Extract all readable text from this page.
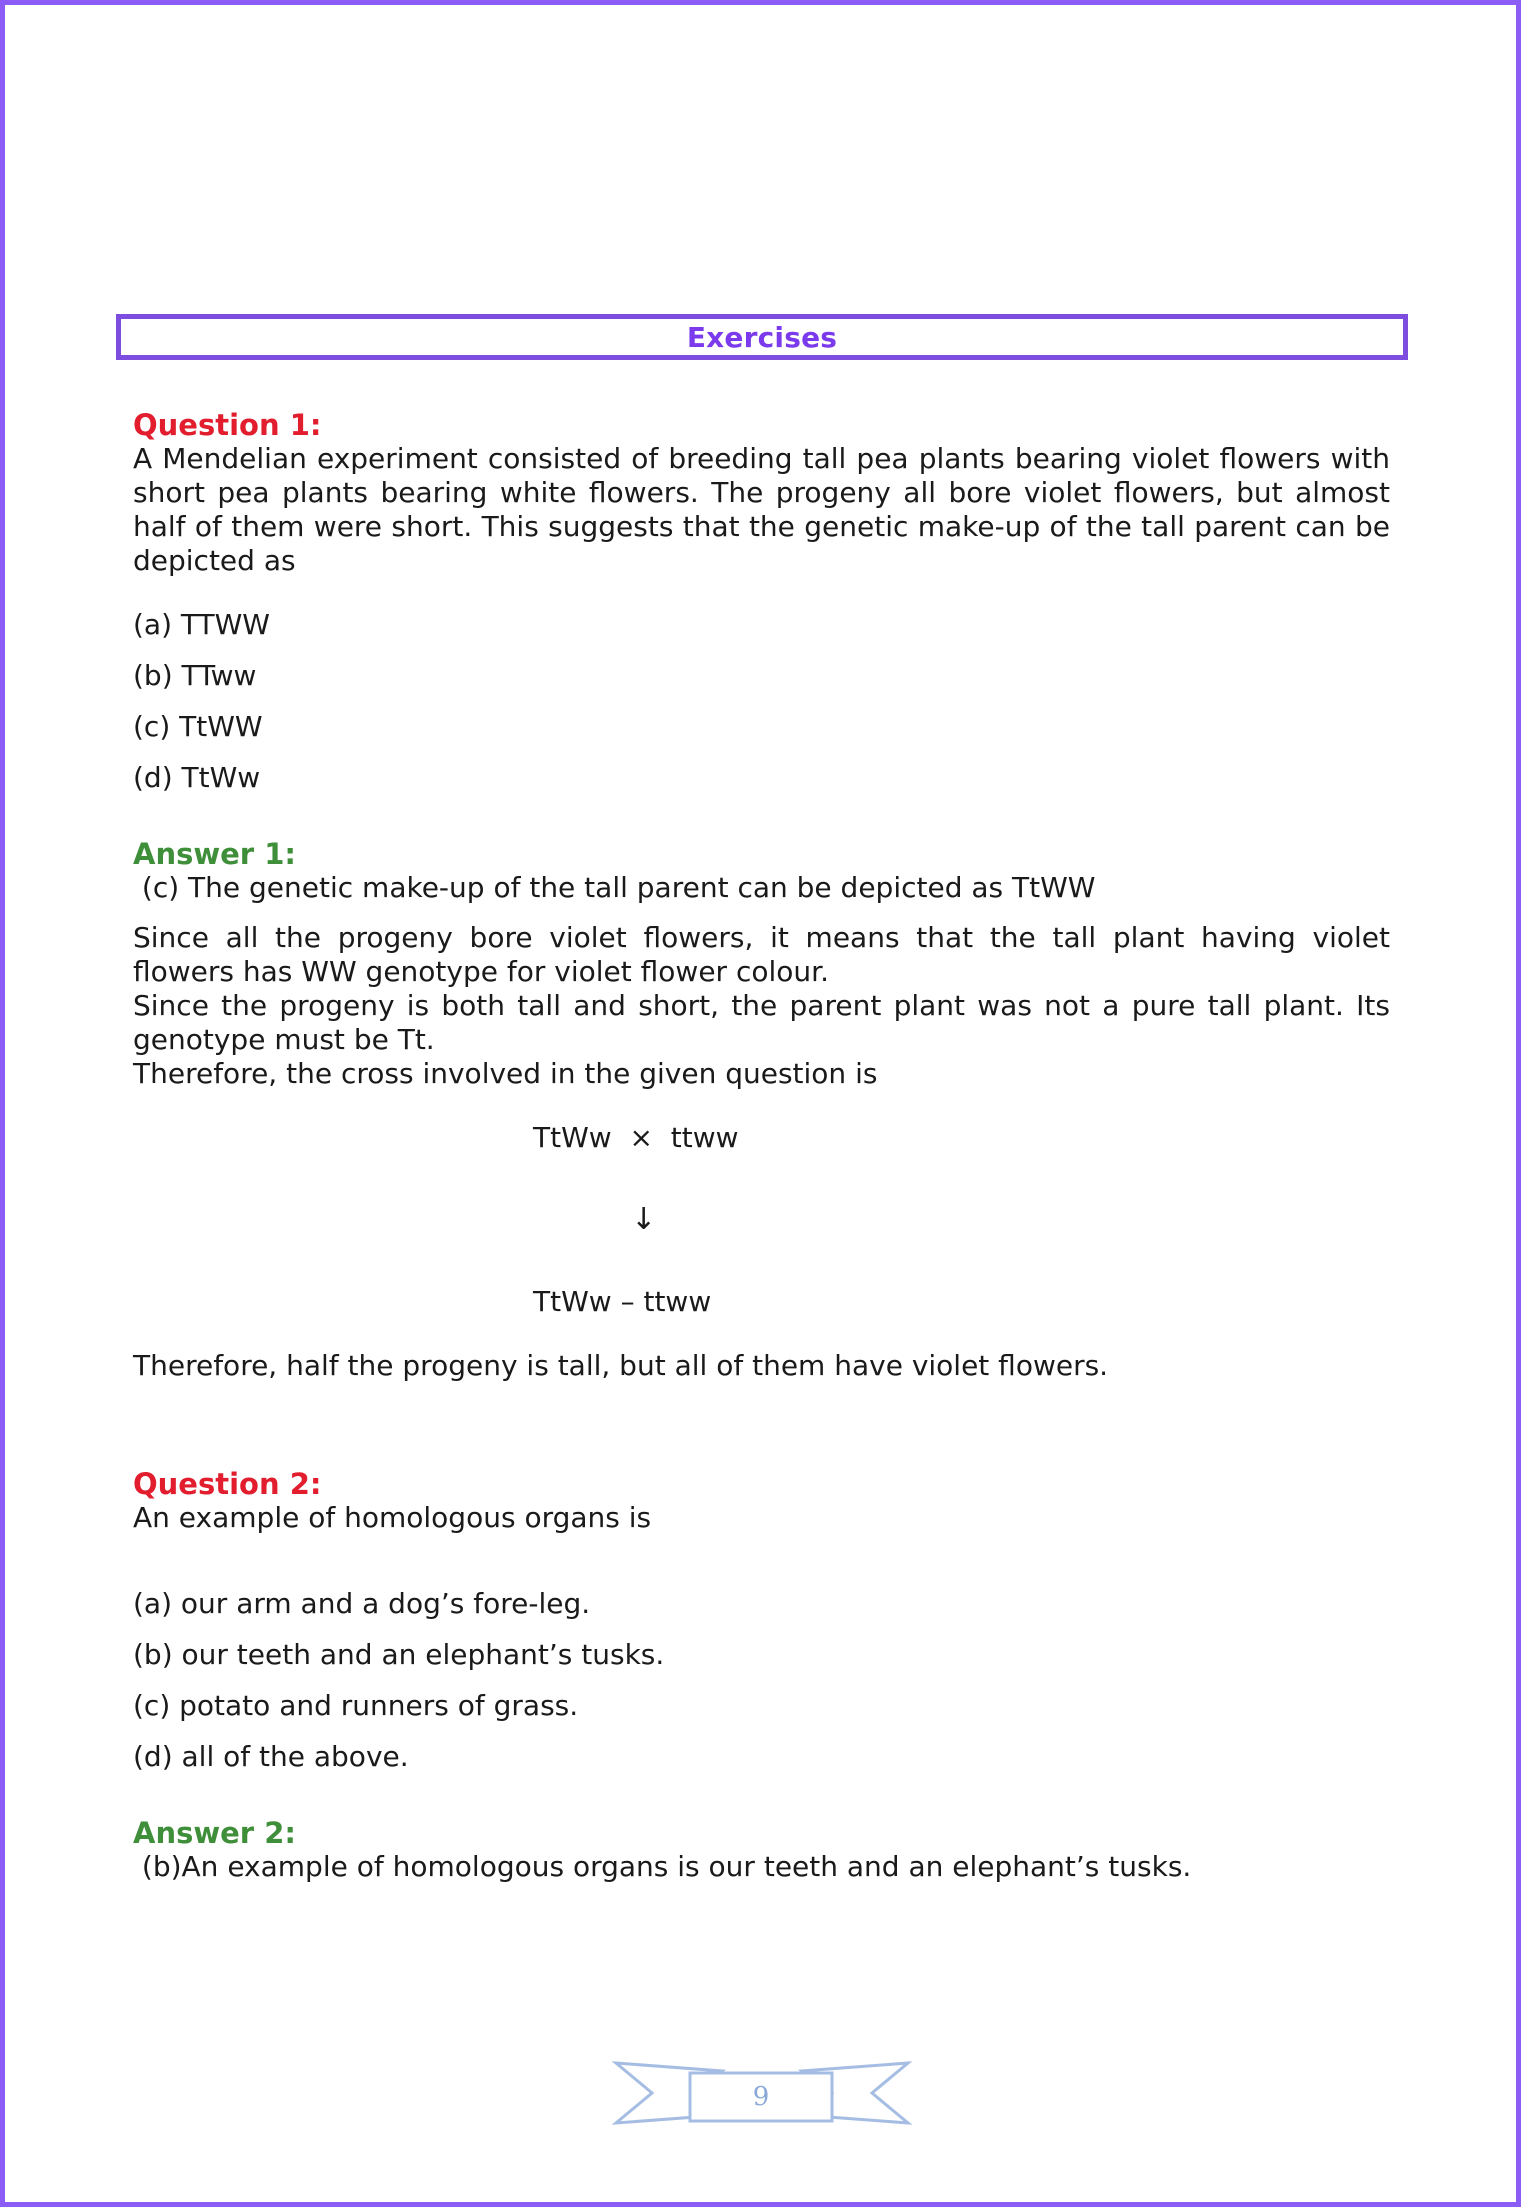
Exercises

Question 1:

A Mendelian experiment consisted of breeding tall pea plants bearing violet flowers with short pea plants bearing white flowers. The progeny all bore violet flowers, but almost half of them were short. This suggests that the genetic make-up of the tall parent can be depicted as

(a) TTWW

(b) TTww

(c) TtWW

(d) TtWw

Answer 1:

(c) The genetic make-up of the tall parent can be depicted as TtWW

Since all the progeny bore violet flowers, it means that the tall plant having violet flowers has WW genotype for violet flower colour.

Since the progeny is both tall and short, the parent plant was not a pure tall plant. Its genotype must be Tt.

Therefore, the cross involved in the given question is

TtWw  ×  ttww

↓

TtWw – ttww

Therefore, half the progeny is tall, but all of them have violet flowers.

Question 2:

An example of homologous organs is

(a) our arm and a dog’s fore-leg.

(b) our teeth and an elephant’s tusks.

(c) potato and runners of grass.

(d) all of the above.

Answer 2:

(b)An example of homologous organs is our teeth and an elephant’s tusks.

9
